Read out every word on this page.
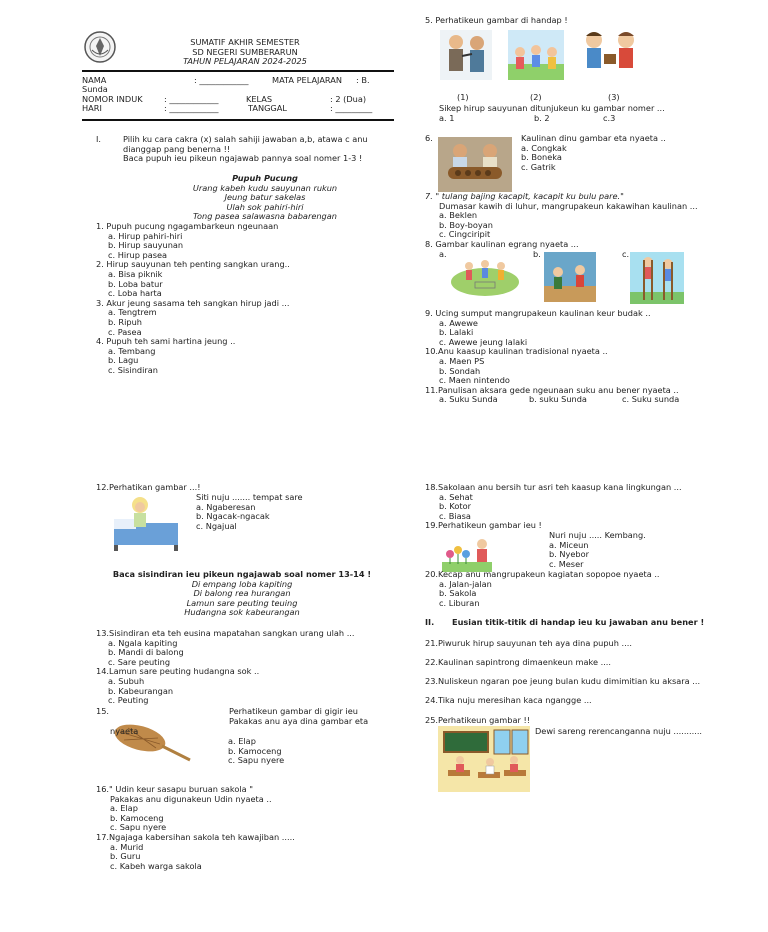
SUMATIF AKHIR SEMESTER
SD NEGERI SUMBERARUN
TAHUN PELAJARAN 2024-2025
NAMA	: ____________	MATA PELAJARAN : B.
Sunda
NOMOR INDUK	: ____________	KELAS	: 2 (Dua)
HARI	: ____________	TANGGAL	: _________
I.	Pilih ku cara cakra (x) salah sahiji jawaban a,b, atawa c anu
dianggap pang benerna !!
Baca pupuh ieu pikeun ngajawab pannya soal nomer 1-3 !
Pupuh Pucung
Urang kabeh kudu sauyunan rukun
Jeung batur sakelas
Ulah sok pahiri-hiri
Tong pasea salawasna babarengan
1. Pupuh pucung ngagambarkeun ngeunaan
a. Hirup pahiri-hiri
b. Hirup sauyunan
c. Hirup pasea
2. Hirup sauyunan teh penting sangkan urang..
a. Bisa piknik
b. Loba batur
c. Loba harta
3. Akur jeung sasama teh sangkan hirup jadi ...
a. Tengtrem
b. Ripuh
c. Pasea
4. Pupuh teh sami hartina jeung ..
a. Tembang
b. Lagu
c. Sisindiran
5. Perhatikeun gambar di handap !
(1)	(2)	(3)
Sikep hirup sauyunan ditunjukeun ku gambar nomer ...
a. 1	b. 2	c.3
6.	Kaulinan dinu gambar eta nyaeta ..
a. Congkak
b. Boneka
c. Gatrik
7. " tulang bajing kacapit, kacapit ku bulu pare."
Dumasar kawih di luhur, mangrupakeun kakawihan kaulinan ...
a. Beklen
b. Boy-boyan
c. Cingciripit
8. Gambar kaulinan egrang nyaeta ...
a.	b.	c.
9. Ucing sumput mangrupakeun kaulinan keur budak ..
a. Awewe
b. Lalaki
c. Awewe jeung lalaki
10.Anu kaasup kaulinan tradisional nyaeta ..
a. Maen PS
b. Sondah
c. Maen nintendo
11.Panulisan aksara gede ngeunaan suku anu bener nyaeta ..
a. Suku Sunda	b. suku Sunda	c. Suku sunda
12.Perhatikan gambar ...!
Siti nuju ....... tempat sare
a. Ngaberesan
b. Ngacak-ngacak
c. Ngajual
Baca sisindiran ieu pikeun ngajawab soal nomer 13-14 !
Di empang loba kapiting
Di balong rea hurangan
Lamun sare peuting teuing
Hudangna sok kabeurangan
13.Sisindiran eta teh eusina mapatahan sangkan urang ulah ...
a. Ngala kapiting
b. Mandi di balong
c. Sare peuting
14.Lamun sare peuting hudangna sok ..
a. Subuh
b. Kabeurangan
c. Peuting
15.	Perhatikeun gambar di gigir ieu
Pakakas anu aya dina gambar eta
nyaeta
a. Elap
b. Kamoceng
c. Sapu nyere
16." Udin keur sasapu buruan sakola "
Pakakas anu digunakeun Udin nyaeta ..
a. Elap
b. Kamoceng
c. Sapu nyere
17.Ngajaga kabersihan sakola teh kawajiban .....
a. Murid
b. Guru
c. Kabeh warga sakola
18.Sakolaan anu bersih tur asri teh kaasup kana lingkungan ...
a. Sehat
b. Kotor
c. Biasa
19.Perhatikeun gambar ieu !
Nuri nuju ..... Kembang.
a. Miceun
b. Nyebor
c. Meser
20.Kecap anu mangrupakeun kagiatan sopopoe nyaeta ..
a. Jalan-jalan
b. Sakola
c. Liburan
II. Eusian titik-titik di handap ieu ku jawaban anu bener !
21.Piwuruk hirup sauyunan teh aya dina pupuh ....
22.Kaulinan sapintrong dimaenkeun make ....
23.Nuliskeun ngaran poe jeung bulan kudu dimimitian ku aksara ...
24.Tika nuju meresihan kaca ngangge ...
25.Perhatikeun gambar !!
Dewi sareng rerencanganna nuju ...........
